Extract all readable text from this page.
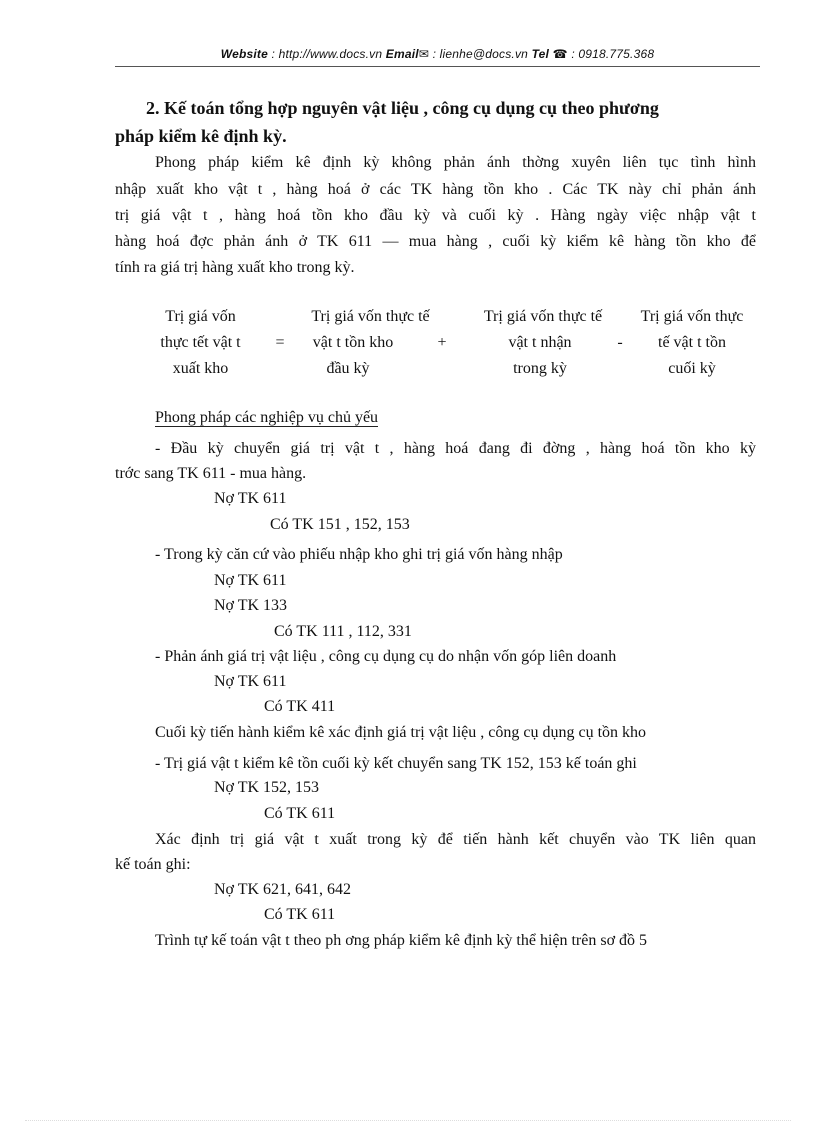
Website : http://www.docs.vn Email✉ : lienhe@docs.vn Tel ☎ : 0918.775.368
2. Kế toán tổng hợp nguyên vật liệu , công cụ dụng cụ theo phương
pháp kiểm kê định kỳ.
Phong pháp kiểm kê định kỳ không phản ánh thờng xuyên liên tục tình hình
nhập xuất kho vật t , hàng hoá ở các TK hàng tồn kho . Các TK này chỉ phản ánh
trị giá vật t , hàng hoá tồn kho đầu kỳ và cuối kỳ . Hàng ngày việc nhập vật t
hàng hoá đợc phản ánh ở TK 611 — mua hàng , cuối kỳ kiểm kê hàng tồn kho để
tính ra giá trị hàng xuất kho trong kỳ.
Trị giá vốn
thực tết vật t
xuất kho
=
Trị giá vốn thực tế
vật t tồn kho
đầu kỳ
+
Trị giá vốn thực tế
vật t nhận
trong kỳ
-
Trị giá vốn thực
tế vật t tồn
cuối kỳ
Phong pháp các nghiệp vụ chủ yếu
- Đầu kỳ chuyển giá trị vật t , hàng hoá đang đi đờng , hàng hoá tồn kho kỳ
trớc sang TK 611 - mua hàng.
Nợ TK 611
Có TK 151 , 152, 153
- Trong kỳ căn cứ vào phiếu nhập kho ghi trị giá vốn hàng nhập
Nợ TK 611
Nợ TK 133
Có TK 111 , 112, 331
- Phản ánh giá trị vật liệu , công cụ dụng cụ do nhận vốn góp liên doanh
Nợ TK 611
Có TK 411
Cuối kỳ tiến hành kiểm kê xác định giá trị vật liệu , công cụ dụng cụ tồn kho
- Trị giá vật t kiểm kê tồn cuối kỳ kết chuyển sang TK 152, 153 kế toán ghi
Nợ TK 152, 153
Có TK 611
Xác định trị giá vật t xuất trong kỳ để tiến hành kết chuyển vào TK liên quan
kế toán ghi:
Nợ TK 621, 641, 642
Có TK 611
Trình tự kế toán vật t theo ph ơng pháp kiểm kê định kỳ thể hiện trên sơ đồ 5
